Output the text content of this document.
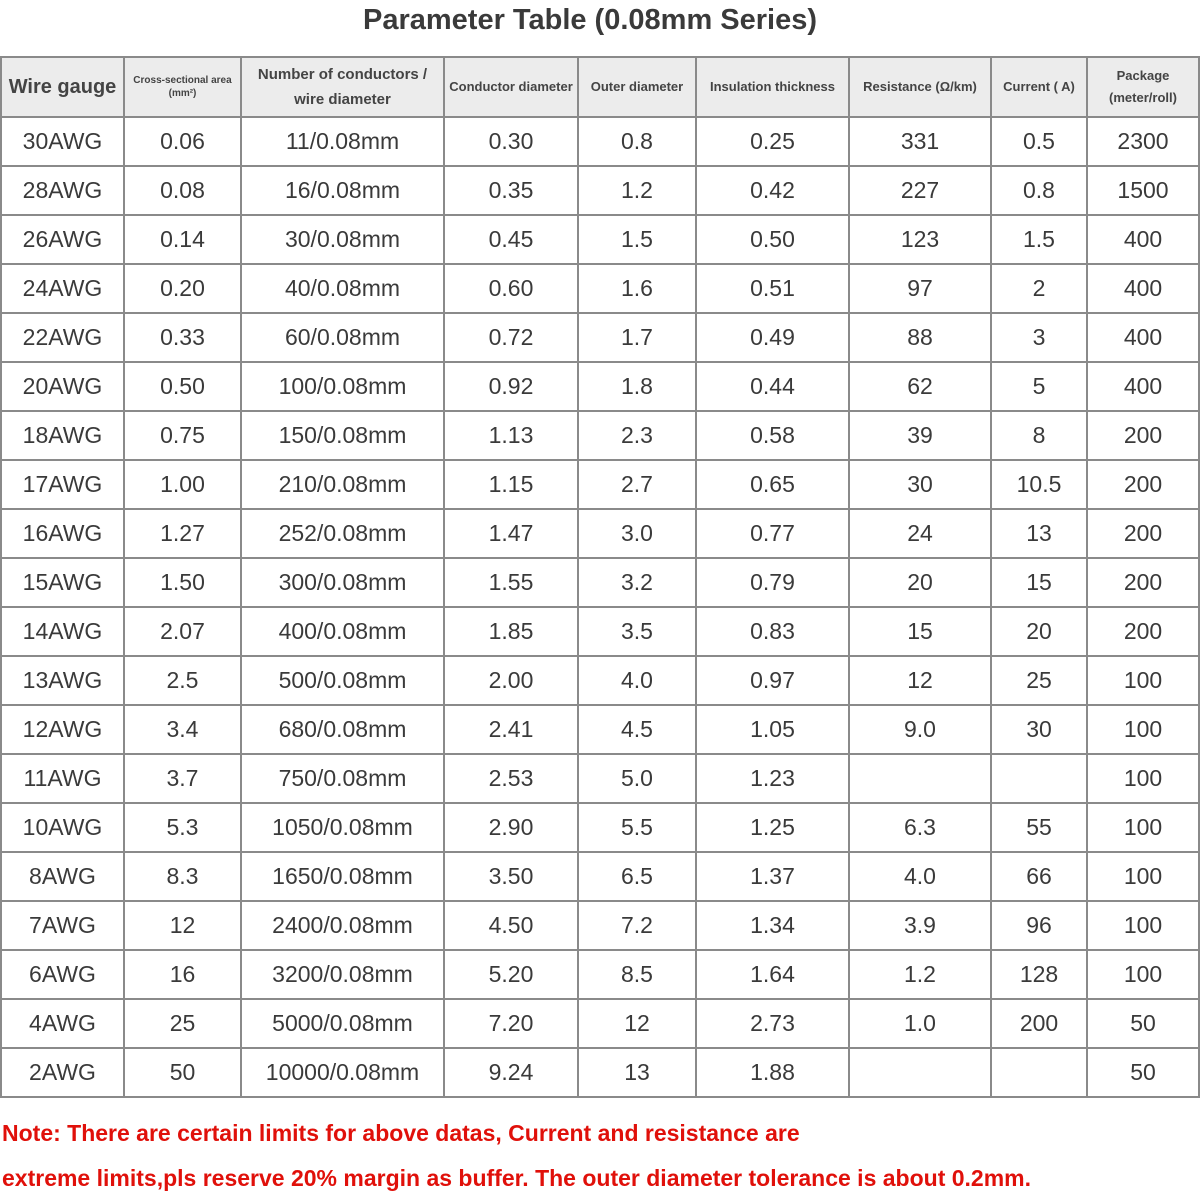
Parameter Table (0.08mm Series)
Wire gauge	Cross-sectional area (mm²)	Number of conductors / wire diameter	Conductor diameter	Outer diameter	Insulation thickness	Resistance (Ω/km)	Current ( A)	Package (meter/roll)
30AWG	0.06	11/0.08mm	0.30	0.8	0.25	331	0.5	2300
28AWG	0.08	16/0.08mm	0.35	1.2	0.42	227	0.8	1500
26AWG	0.14	30/0.08mm	0.45	1.5	0.50	123	1.5	400
24AWG	0.20	40/0.08mm	0.60	1.6	0.51	97	2	400
22AWG	0.33	60/0.08mm	0.72	1.7	0.49	88	3	400
20AWG	0.50	100/0.08mm	0.92	1.8	0.44	62	5	400
18AWG	0.75	150/0.08mm	1.13	2.3	0.58	39	8	200
17AWG	1.00	210/0.08mm	1.15	2.7	0.65	30	10.5	200
16AWG	1.27	252/0.08mm	1.47	3.0	0.77	24	13	200
15AWG	1.50	300/0.08mm	1.55	3.2	0.79	20	15	200
14AWG	2.07	400/0.08mm	1.85	3.5	0.83	15	20	200
13AWG	2.5	500/0.08mm	2.00	4.0	0.97	12	25	100
12AWG	3.4	680/0.08mm	2.41	4.5	1.05	9.0	30	100
11AWG	3.7	750/0.08mm	2.53	5.0	1.23			100
10AWG	5.3	1050/0.08mm	2.90	5.5	1.25	6.3	55	100
8AWG	8.3	1650/0.08mm	3.50	6.5	1.37	4.0	66	100
7AWG	12	2400/0.08mm	4.50	7.2	1.34	3.9	96	100
6AWG	16	3200/0.08mm	5.20	8.5	1.64	1.2	128	100
4AWG	25	5000/0.08mm	7.20	12	2.73	1.0	200	50
2AWG	50	10000/0.08mm	9.24	13	1.88			50
Note: There are certain limits for above datas, Current and resistance are
extreme limits,pls reserve 20% margin as buffer. The outer diameter tolerance is about 0.2mm.
